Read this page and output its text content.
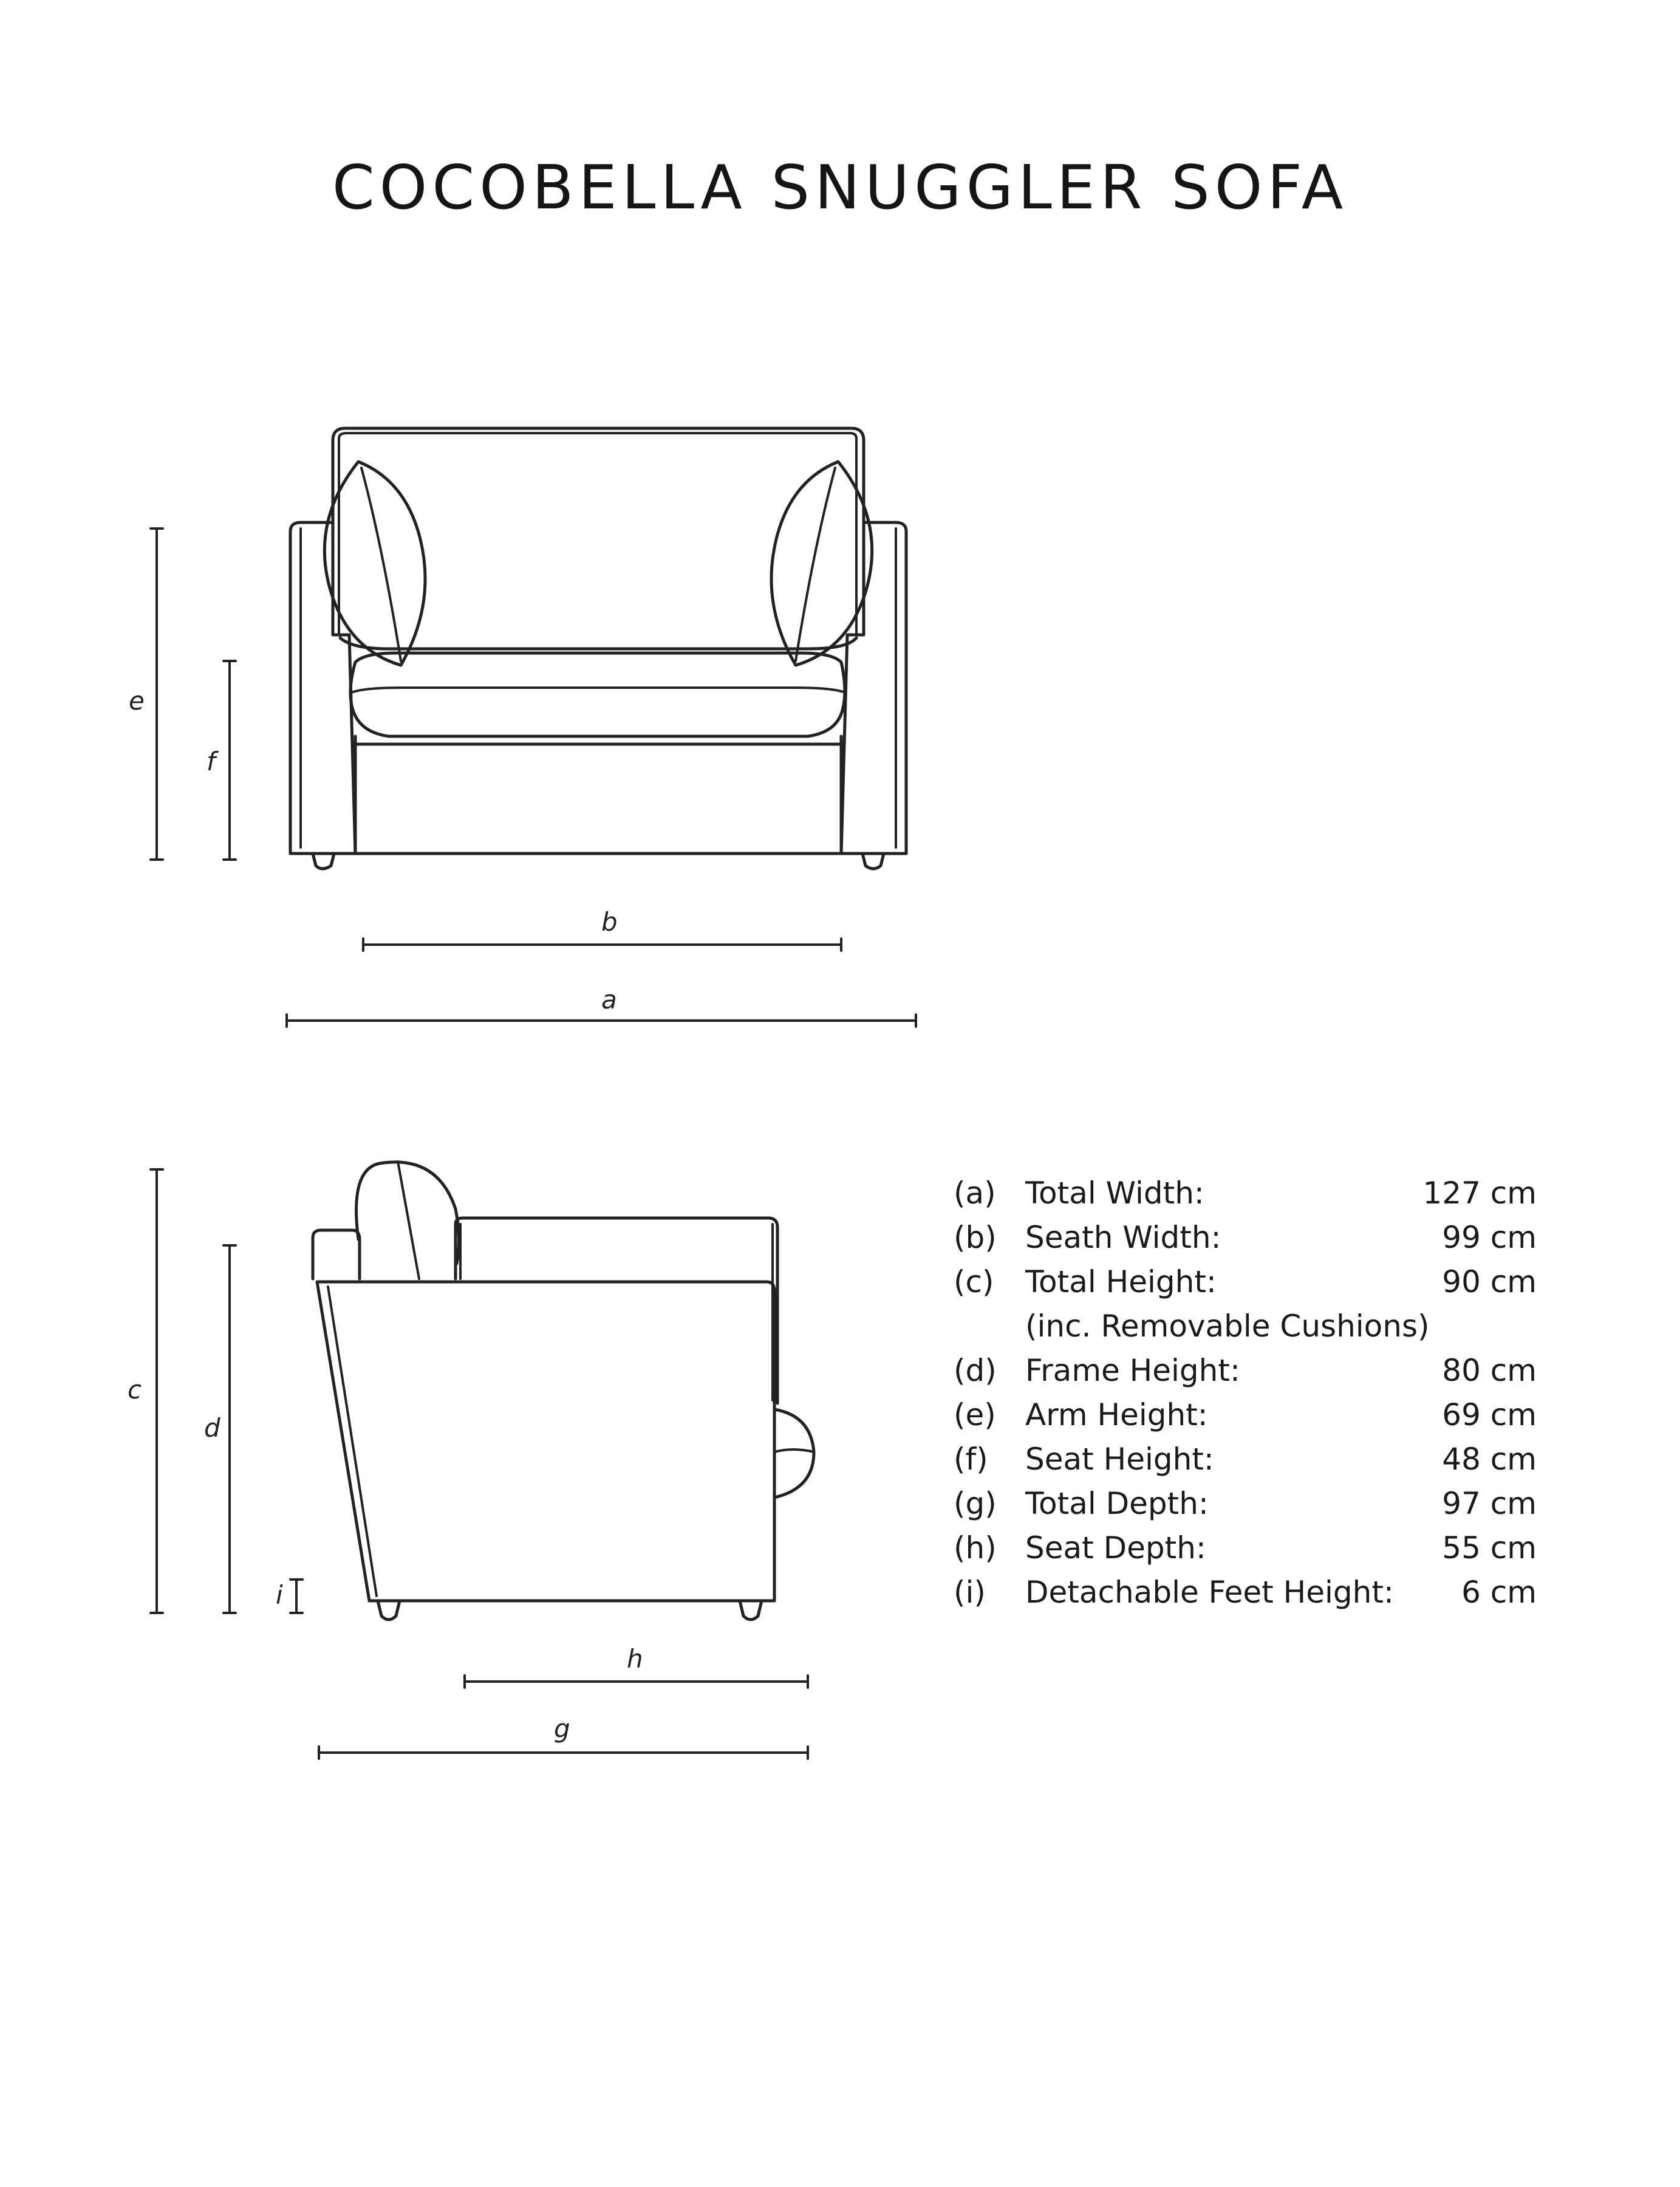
COCOBELLA SNUGGLER SOFA
e
f
b
a
c
d
i
h
g
(a) Total Width:	127 cm
(b) Seath Width:	99 cm
(c) Total Height:	90 cm
(inc. Removable Cushions)
(d) Frame Height:	80 cm
(e) Arm Height:	69 cm
(f) Seat Height:	48 cm
(g) Total Depth:	97 cm
(h) Seat Depth:	55 cm
(i) Detachable Feet Height: 6 cm
